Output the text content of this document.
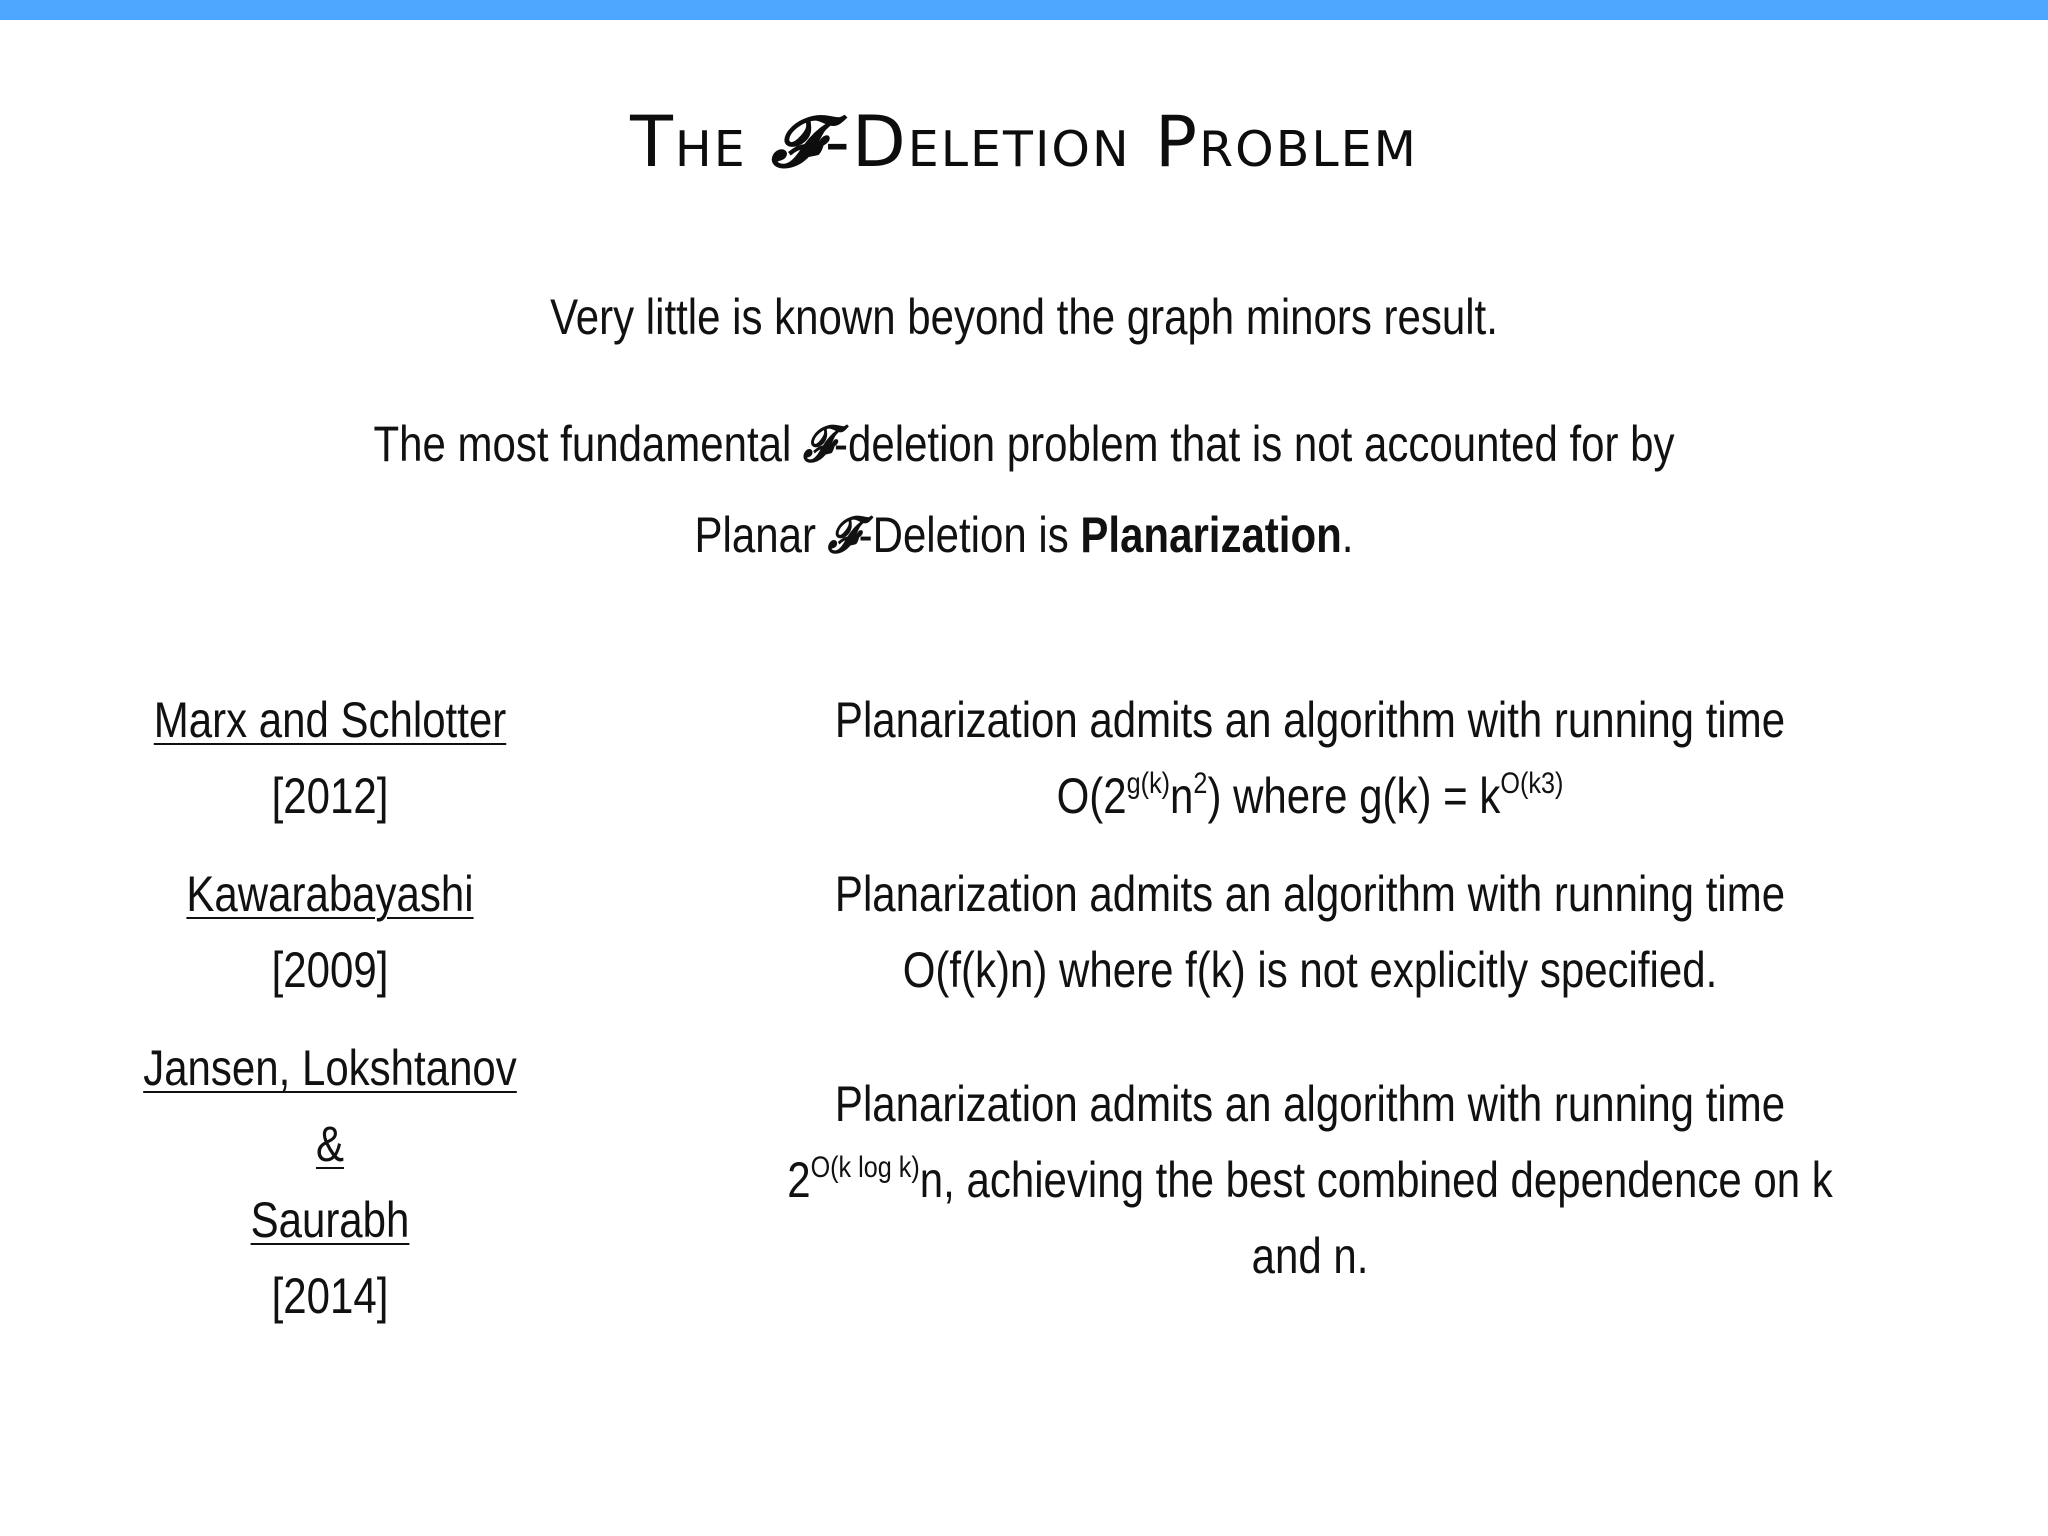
The 𝓕-Deletion Problem
Very little is known beyond the graph minors result.
The most fundamental 𝓕-deletion problem that is not accounted for by
Planar 𝓕-Deletion is Planarization.
Marx and Schlotter
[2012]
Planarization admits an algorithm with running time
$O(2^{g(k)}n^2)$ where $g(k) = k^{O(k3)}$
Kawarabayashi
[2009]
Planarization admits an algorithm with running time
O(f(k)n) where f(k) is not explicitly specified.
Jansen, Lokshtanov &
Saurabh
[2014]
Planarization admits an algorithm with running time
$2^{O(k log k)}n$, achieving the best combined dependence on k and n.
